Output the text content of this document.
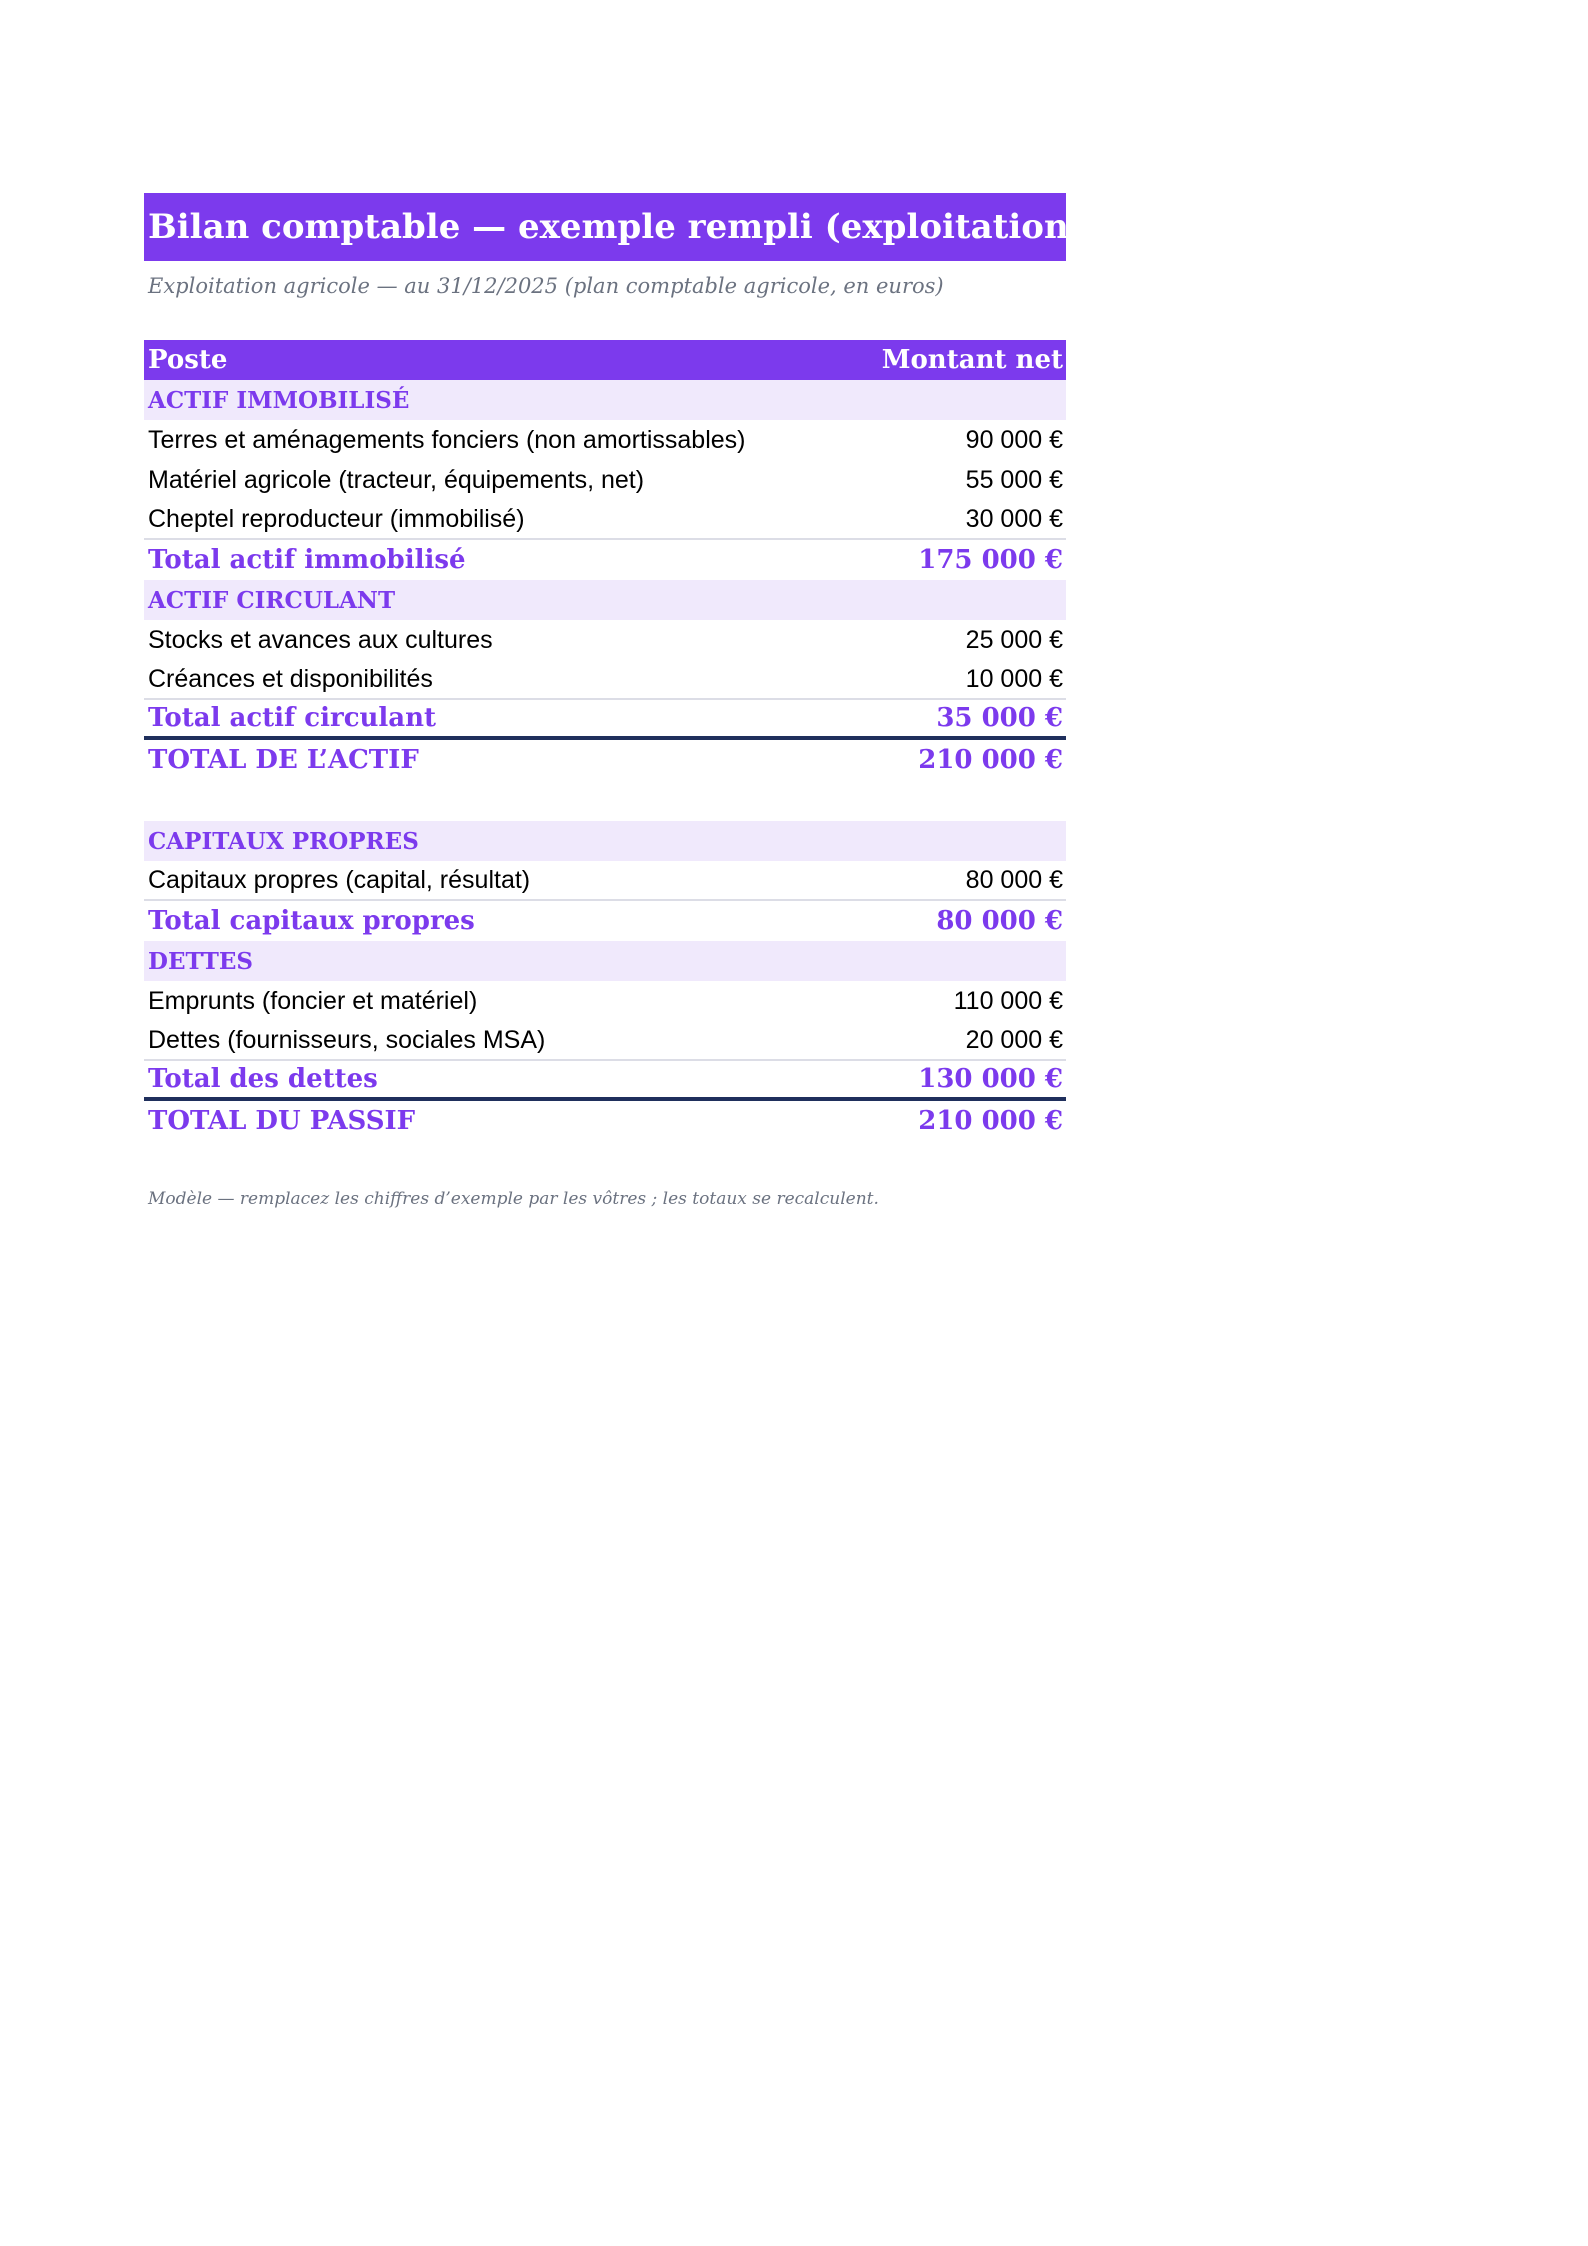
Bilan comptable — exemple rempli (exploitation agricole)
Exploitation agricole — au 31/12/2025 (plan comptable agricole, en euros)
Poste	Montant net
ACTIF IMMOBILISÉ
Terres et aménagements fonciers (non amortissables)	90 000 €
Matériel agricole (tracteur, équipements, net)	55 000 €
Cheptel reproducteur (immobilisé)	30 000 €
Total actif immobilisé	175 000 €
ACTIF CIRCULANT
Stocks et avances aux cultures	25 000 €
Créances et disponibilités	10 000 €
Total actif circulant	35 000 €
TOTAL DE L’ACTIF	210 000 €
CAPITAUX PROPRES
Capitaux propres (capital, résultat)	80 000 €
Total capitaux propres	80 000 €
DETTES
Emprunts (foncier et matériel)	110 000 €
Dettes (fournisseurs, sociales MSA)	20 000 €
Total des dettes	130 000 €
TOTAL DU PASSIF	210 000 €
Modèle — remplacez les chiffres d’exemple par les vôtres ; les totaux se recalculent.
